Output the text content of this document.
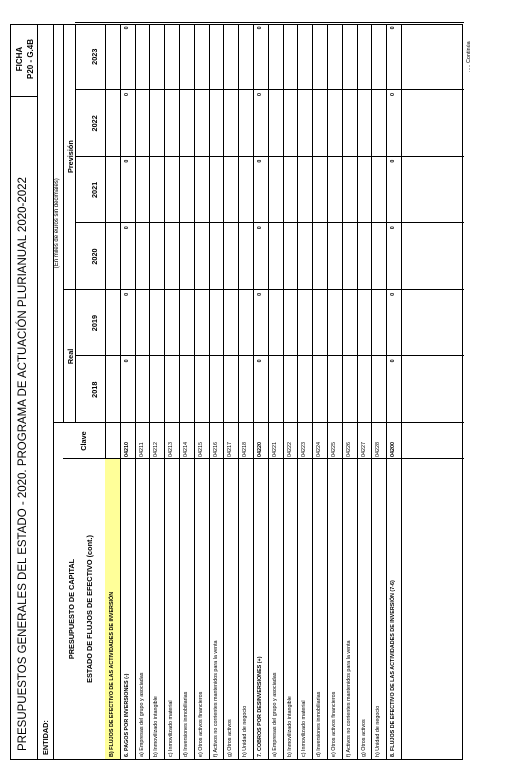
PRESUPUESTOS GENERALES DEL ESTADO - 2020. PROGRAMA DE ACTUACIÓN PLURIANUAL 2020-2022
FICHA P20 - G.4B
ENTIDAD:
(En miles de euros sin decimales)
PRESUPUESTO DE CAPITAL ESTADO DE FLUJOS DE EFECTIVO (cont.)
Clave
Real
Previsión
2018
2019
2020
2021
2022
2023
B) FLUJOS DE EFECTIVO DE LAS ACTIVIDADES DE INVERSIÓN 6. PAGOS POR INVERSIONES (-)
04210
0
0
0
0
0
0
a) Empresas del grupo y asociadas
04211
b) Inmovilizado intangible
04212
c) Inmovilizado material
04213
d) Inversiones inmobiliarias
04214
e) Otros activos financieros
04215
f) Activos no corrientes mantenidos para la venta
04216
g) Otros activos
04217
h) Unidad de negocio
04218
7. COBROS POR DESINVERSIONES (+)
04220
0
0
0
0
0
0
a) Empresas del grupo y asociadas
04221
b) Inmovilizado intangible
04222
c) Inmovilizado material
04223
d) Inversiones inmobiliarias
04224
e) Otros activos financieros
04225
f) Activos no corrientes mantenidos para la venta
04226
g) Otros activos
04227
h) Unidad de negocio
04228
8. FLUJOS DE EFECTIVO DE LAS ACTIVIDADES DE INVERSIÓN (7-6)
04200
0
0
0
0
0
0
..... Continúa
